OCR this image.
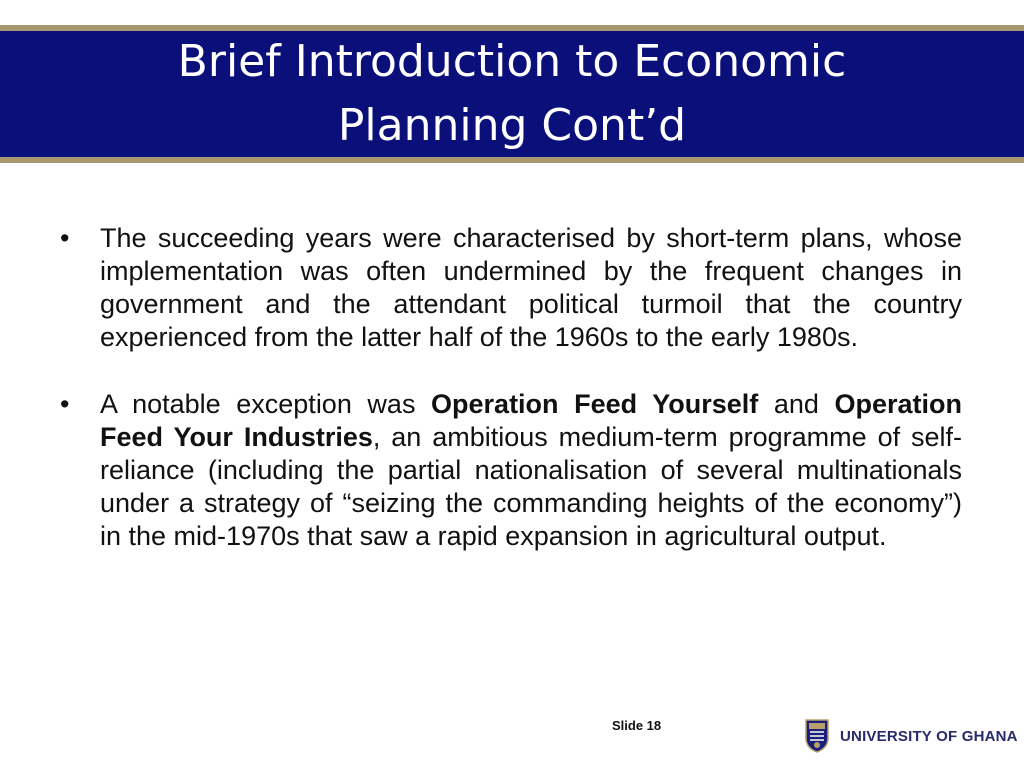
Brief Introduction to Economic
Planning Cont’d

• The succeeding years were characterised by short-term plans, whose implementation was often undermined by the frequent changes in government and the attendant political turmoil that the country experienced from the latter half of the 1960s to the early 1980s.

• A notable exception was Operation Feed Yourself and Operation Feed Your Industries, an ambitious medium-term programme of self-reliance (including the partial nationalisation of several multinationals under a strategy of “seizing the commanding heights of the economy”) in the mid-1970s that saw a rapid expansion in agricultural output.

Slide 18
UNIVERSITY OF GHANA
